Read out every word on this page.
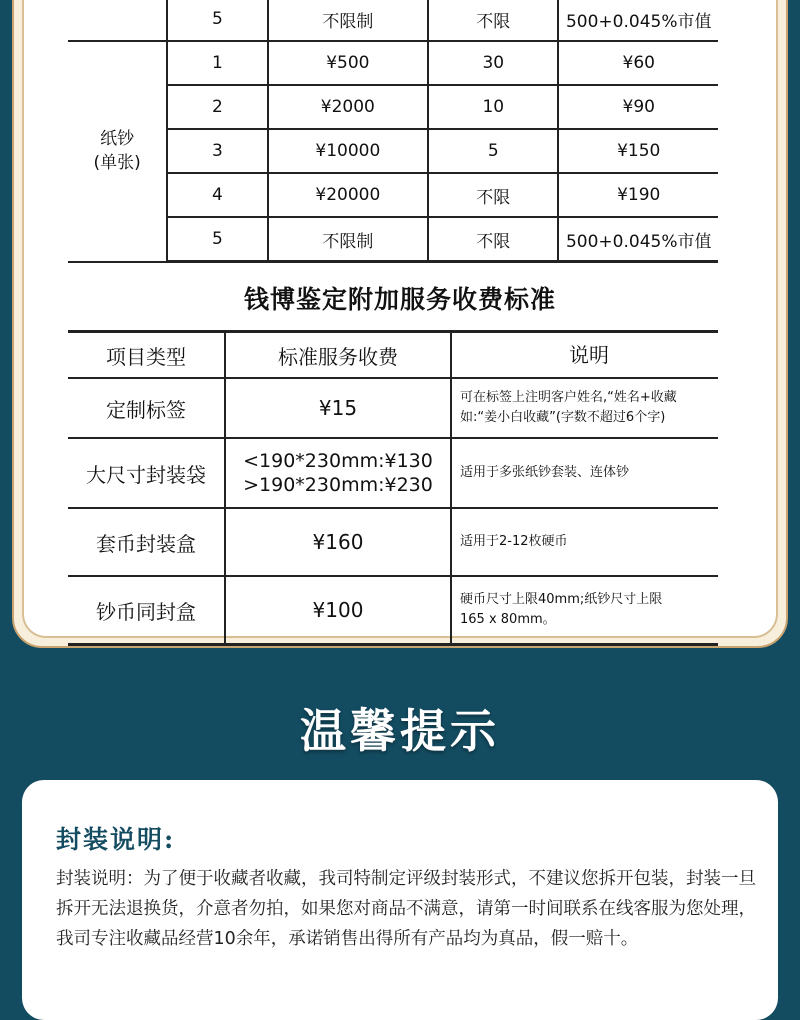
	5	不限制	不限	500+0.045%市值
纸钞
(单张)	1	¥500	30	¥60
	2	¥2000	10	¥90
	3	¥10000	5	¥150
	4	¥20000	不限	¥190
	5	不限制	不限	500+0.045%市值
钱博鉴定附加服务收费标准
项目类型	标准服务收费	说明
定制标签	¥15	可在标签上注明客户姓名,“姓名+收藏
如:“姜小白收藏”(字数不超过6个字)
大尺寸封装袋	<190*230mm:¥130
>190*230mm:¥230	适用于多张纸钞套装、连体钞
套币封装盒	¥160	适用于2-12枚硬币
钞币同封盒	¥100	硬币尺寸上限40mm;纸钞尺寸上限
165 x 80mm。
温馨提示
封装说明:
封装说明：为了便于收藏者收藏，我司特制定评级封装形式，不建议您拆开包装，封装一旦拆开无法退换货，介意者勿拍，如果您对商品不满意，请第一时间联系在线客服为您处理，我司专注收藏品经营10余年，承诺销售出得所有产品均为真品，假一赔十。
